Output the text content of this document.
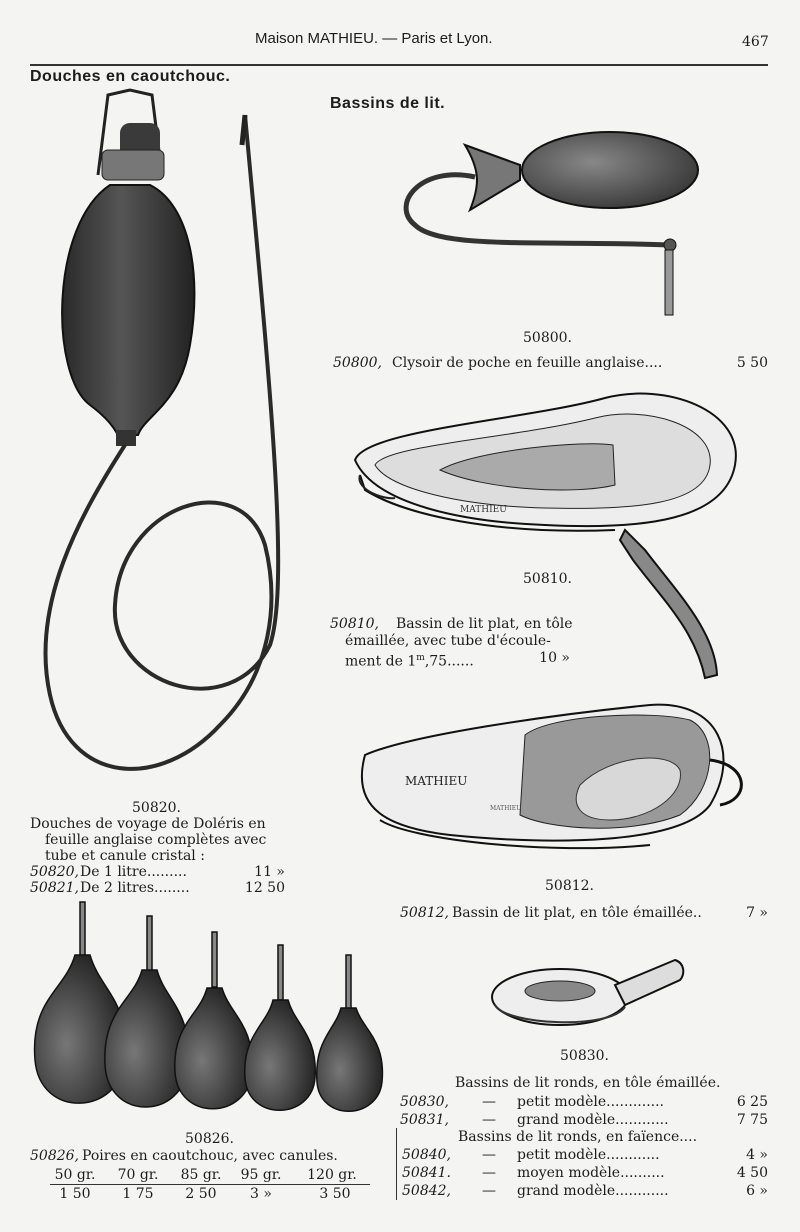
Maison MATHIEU. — Paris et Lyon.	467
Douches en caoutchouc.
Bassins de lit.
50820.
Douches de voyage de Doléris en
feuille anglaise complètes avec
tube et canule cristal :
50820, De 1 litre.........	11 »
50821, De 2 litres........	12 50
50826.
50826, Poires en caoutchouc, avec canules.
50 gr.	70 gr.	85 gr.	95 gr.	120 gr.
1 50	1 75	2 50	3 »	3 50
50800.
50800, Clysoir de poche en feuille anglaise....	5 50
MATHIEU
50810.
50810, Bassin de lit plat, en tôle
émaillée, avec tube d'écoule-
ment de 1$^m$,75......	10 »
MATHIEU
MATHIEU
50812.
50812, Bassin de lit plat, en tôle émaillée..	7 »
50830.
Bassins de lit ronds, en tôle émaillée.
50830, — petit modèle.............	6 25
50831, — grand modèle............	7 75
Bassins de lit ronds, en faïence....
50840, — petit modèle............	4 »
50841. — moyen modèle..........	4 50
50842, — grand modèle............	6 »
